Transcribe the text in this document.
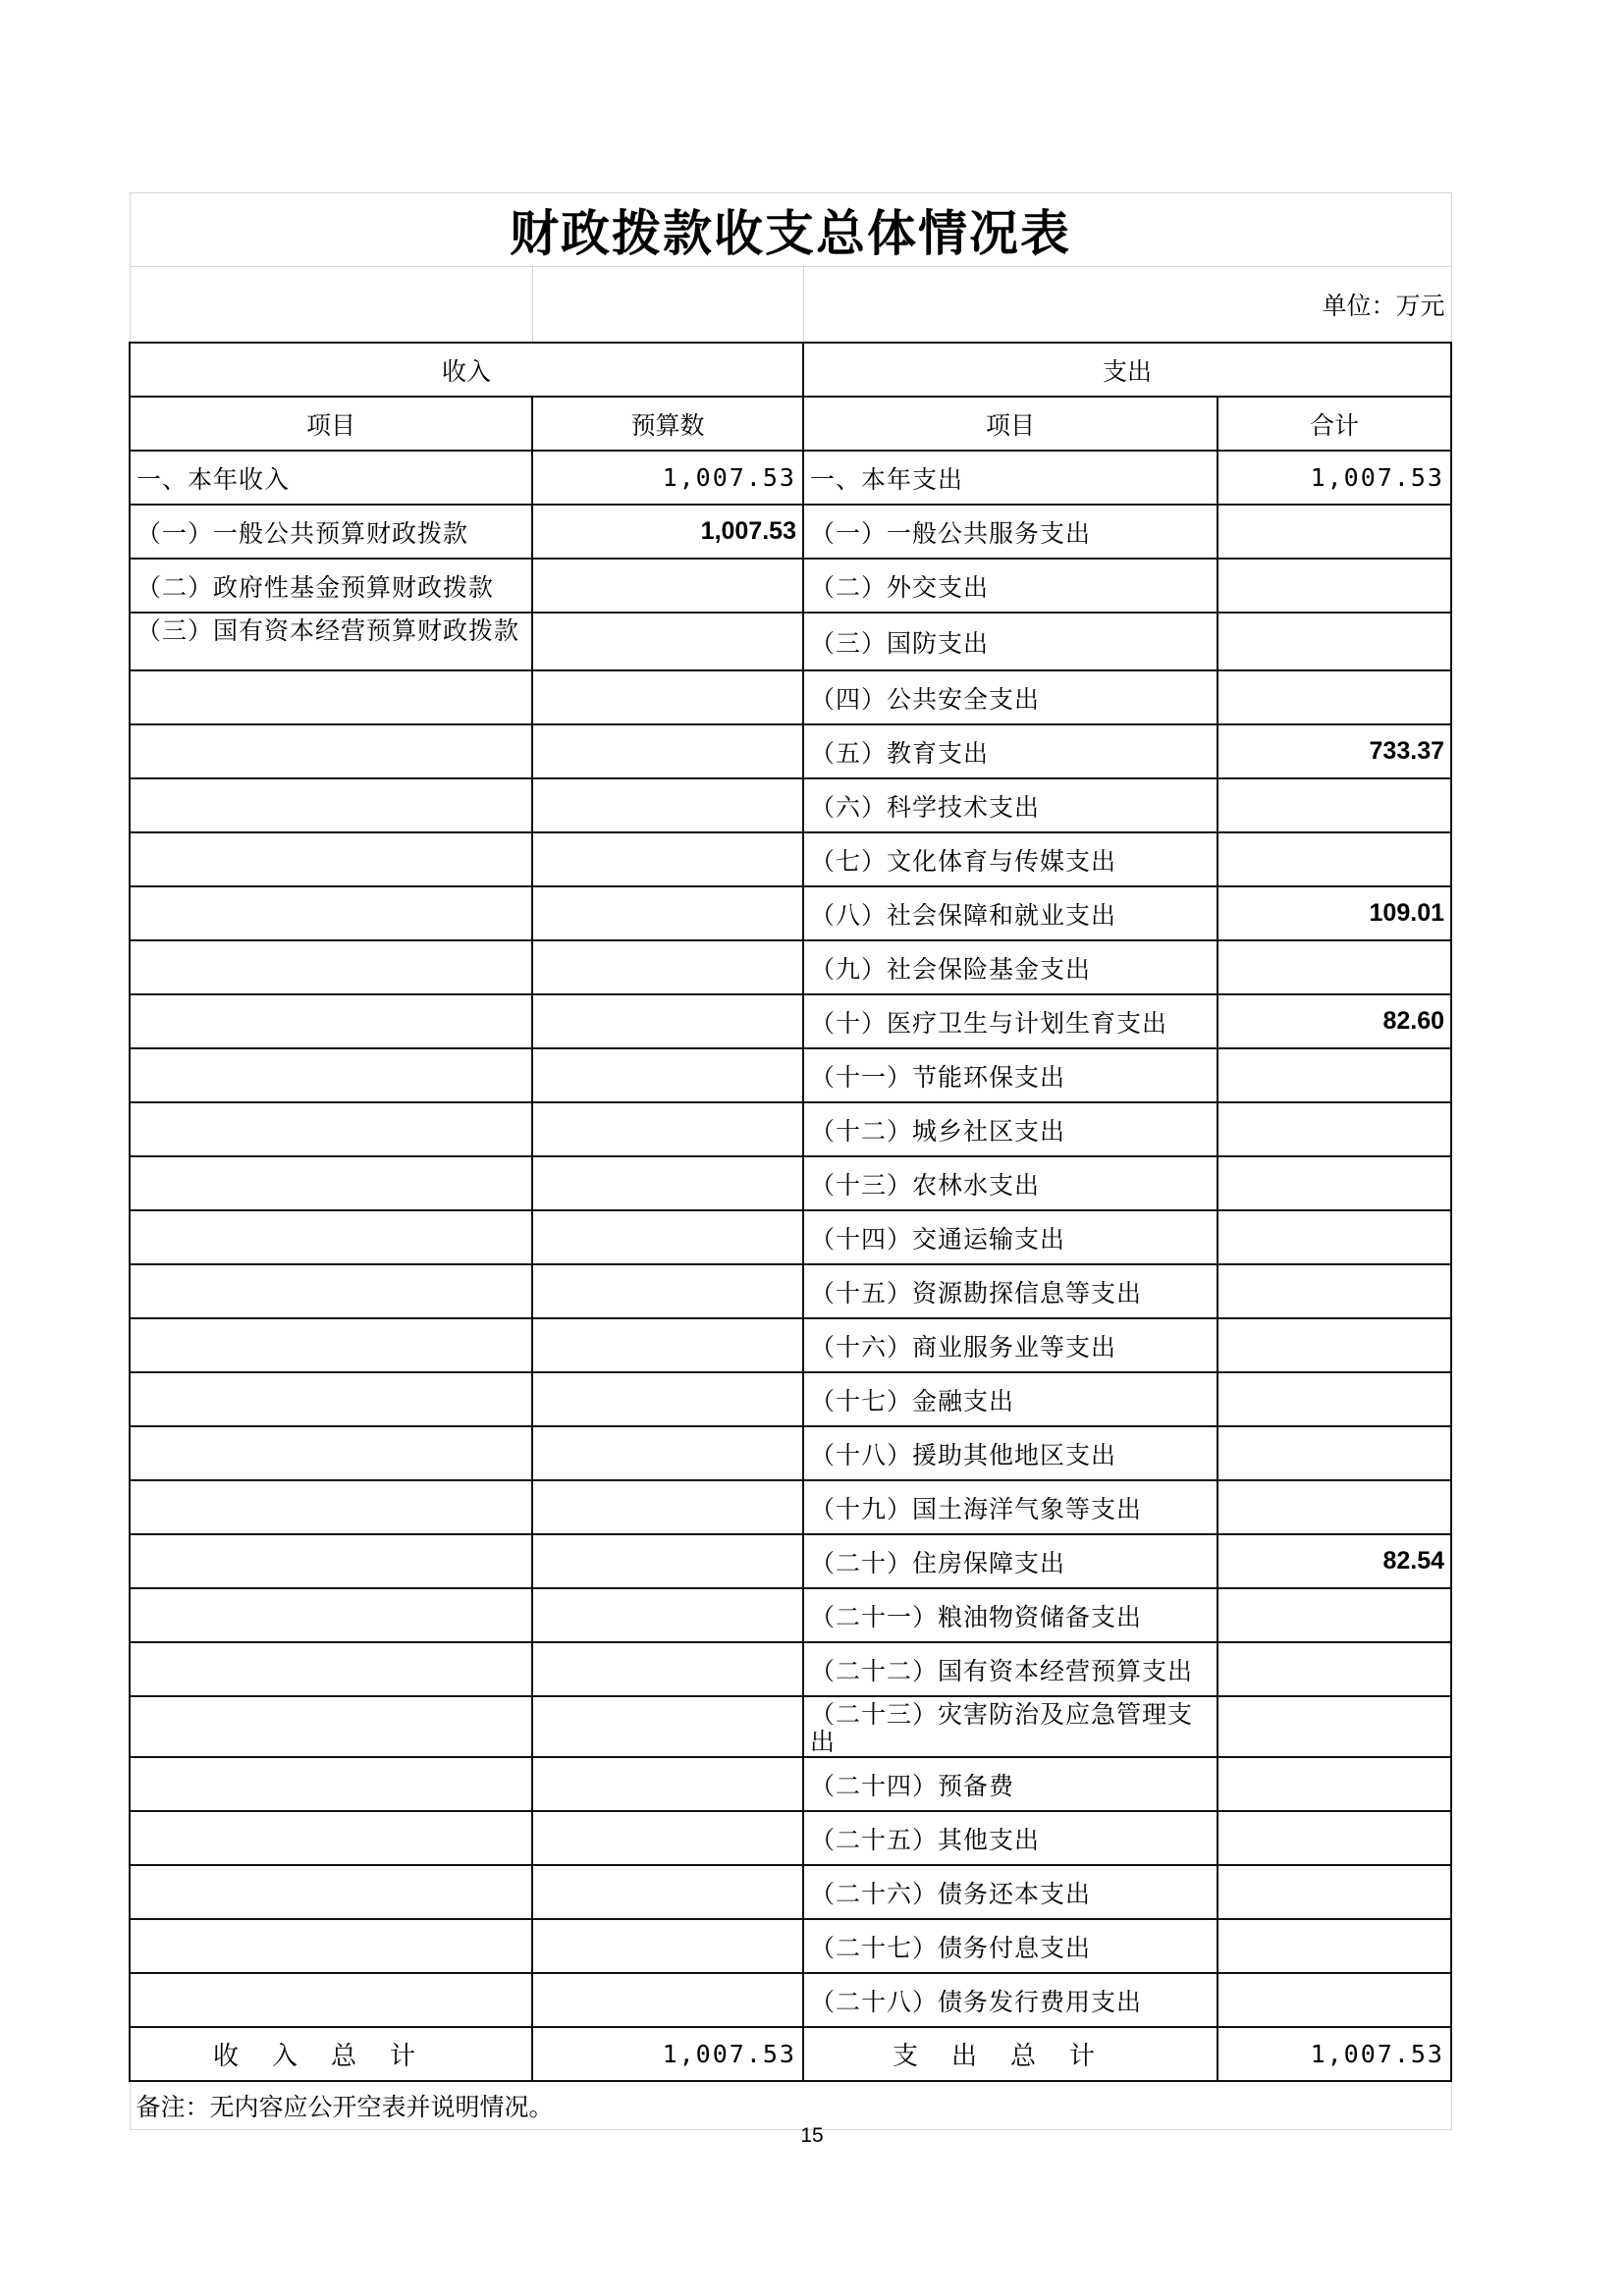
财政拨款收支总体情况表			
		单位：万元	
收入		支出	
项目	预算数	项目	合计
一、本年收入	1,007.53	一、本年支出	1,007.53
（一）一般公共预算财政拨款	1,007.53	（一）一般公共服务支出	
（二）政府性基金预算财政拨款		（二）外交支出	
（三）国有资本经营预算财政拨款		（三）国防支出	
		（四）公共安全支出	
		（五）教育支出	733.37
		（六）科学技术支出	
		（七）文化体育与传媒支出	
		（八）社会保障和就业支出	109.01
		（九）社会保险基金支出	
		（十）医疗卫生与计划生育支出	82.60
		（十一）节能环保支出	
		（十二）城乡社区支出	
		（十三）农林水支出	
		（十四）交通运输支出	
		（十五）资源勘探信息等支出	
		（十六）商业服务业等支出	
		（十七）金融支出	
		（十八）援助其他地区支出	
		（十九）国土海洋气象等支出	
		（二十）住房保障支出	82.54
		（二十一）粮油物资储备支出	
		（二十二）国有资本经营预算支出	
		（二十三）灾害防治及应急管理支出	
		（二十四）预备费	
		（二十五）其他支出	
		（二十六）债务还本支出	
		（二十七）债务付息支出	
		（二十八）债务发行费用支出	
收入总计	1,007.53	支出总计	1,007.53
备注：无内容应公开空表并说明情况。			
15
